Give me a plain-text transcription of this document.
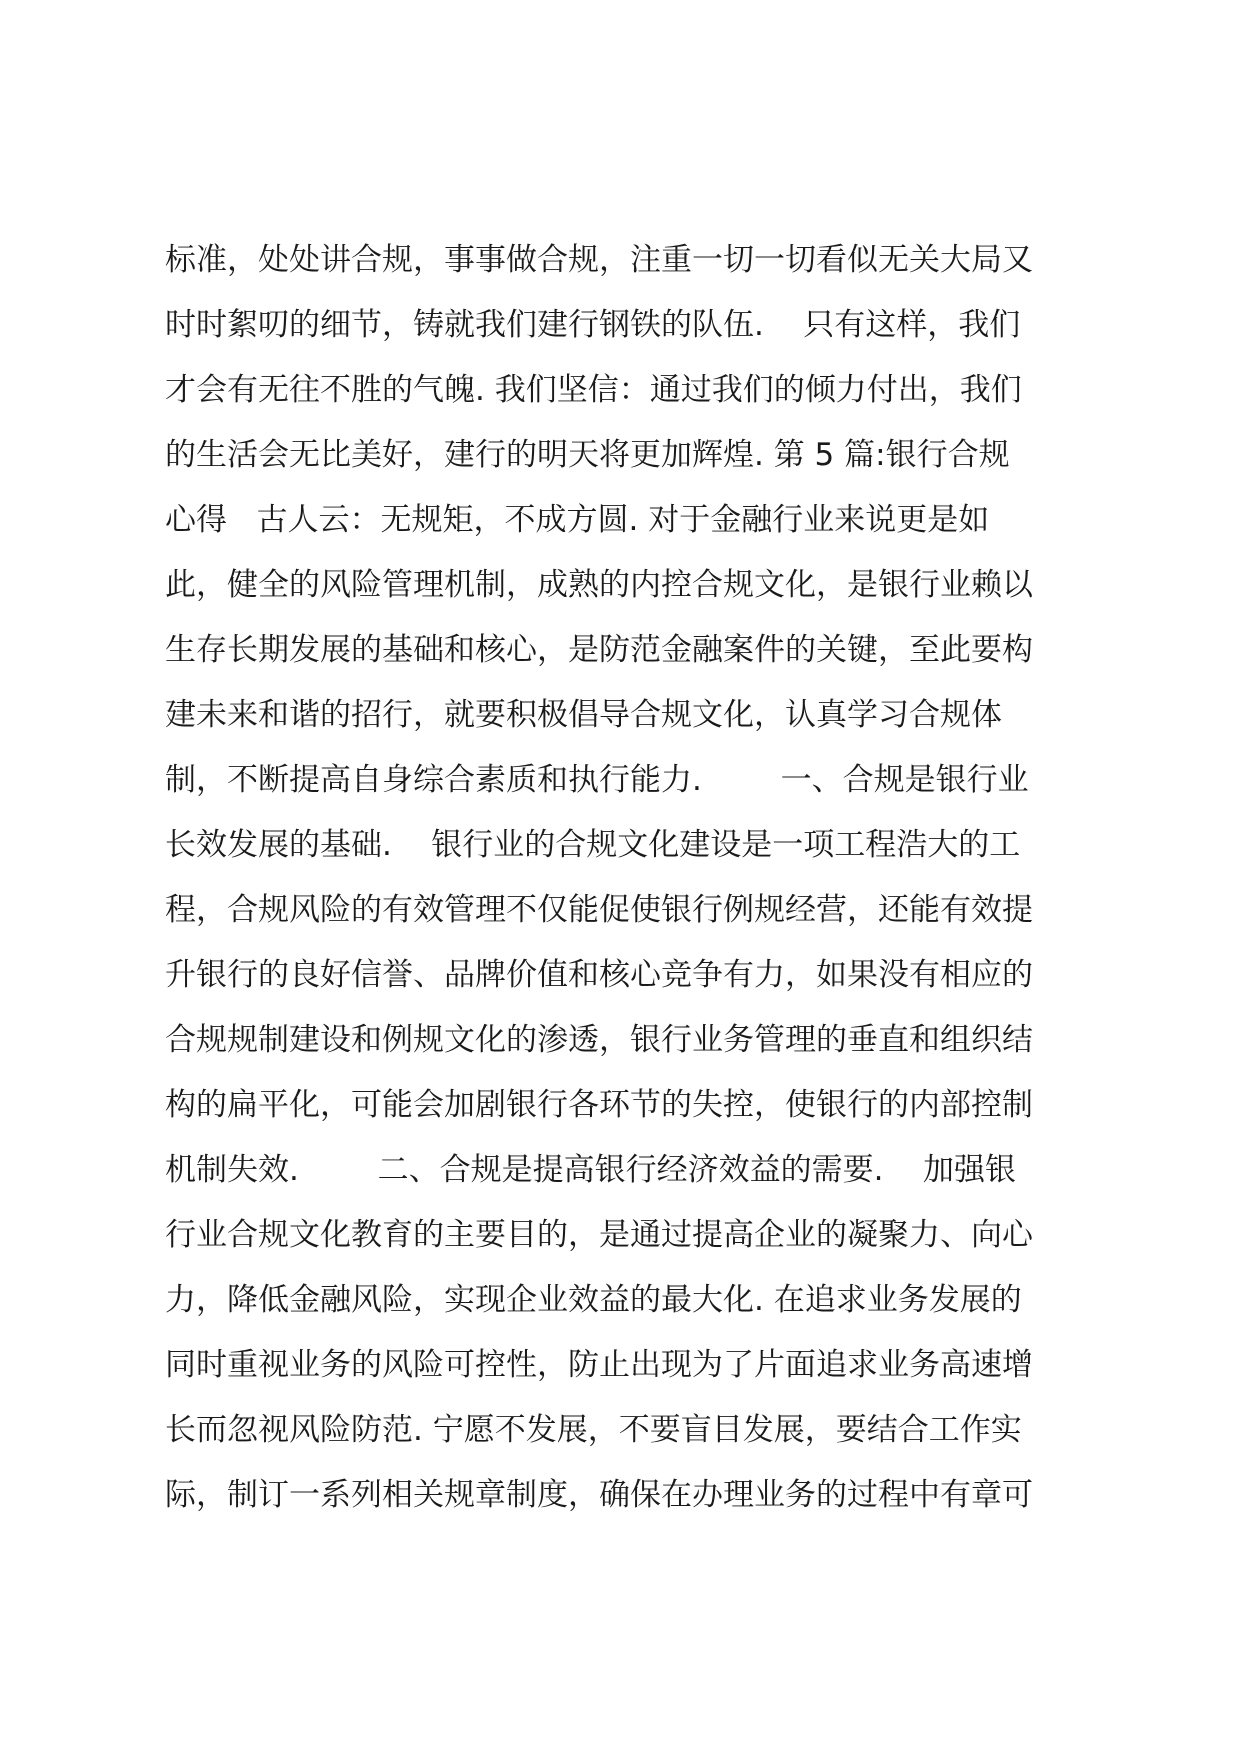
标准，处处讲合规，事事做合规，注重一切一切看似无关大局又
时时絮叨的细节，铸就我们建行钢铁的队伍.    只有这样，我们
才会有无往不胜的气魄. 我们坚信：通过我们的倾力付出，我们
的生活会无比美好，建行的明天将更加辉煌. 第 5 篇:银行合规
心得   古人云：无规矩，不成方圆. 对于金融行业来说更是如
此，健全的风险管理机制，成熟的内控合规文化，是银行业赖以
生存长期发展的基础和核心，是防范金融案件的关键，至此要构
建未来和谐的招行，就要积极倡导合规文化，认真学习合规体
制，不断提高自身综合素质和执行能力.        一、合规是银行业
长效发展的基础.    银行业的合规文化建设是一项工程浩大的工
程，合规风险的有效管理不仅能促使银行例规经营，还能有效提
升银行的良好信誉、品牌价值和核心竞争有力，如果没有相应的
合规规制建设和例规文化的渗透，银行业务管理的垂直和组织结
构的扁平化，可能会加剧银行各环节的失控，使银行的内部控制
机制失效.        二、合规是提高银行经济效益的需要.    加强银
行业合规文化教育的主要目的，是通过提高企业的凝聚力、向心
力，降低金融风险，实现企业效益的最大化. 在追求业务发展的
同时重视业务的风险可控性，防止出现为了片面追求业务高速增
长而忽视风险防范. 宁愿不发展，不要盲目发展，要结合工作实
际，制订一系列相关规章制度，确保在办理业务的过程中有章可
